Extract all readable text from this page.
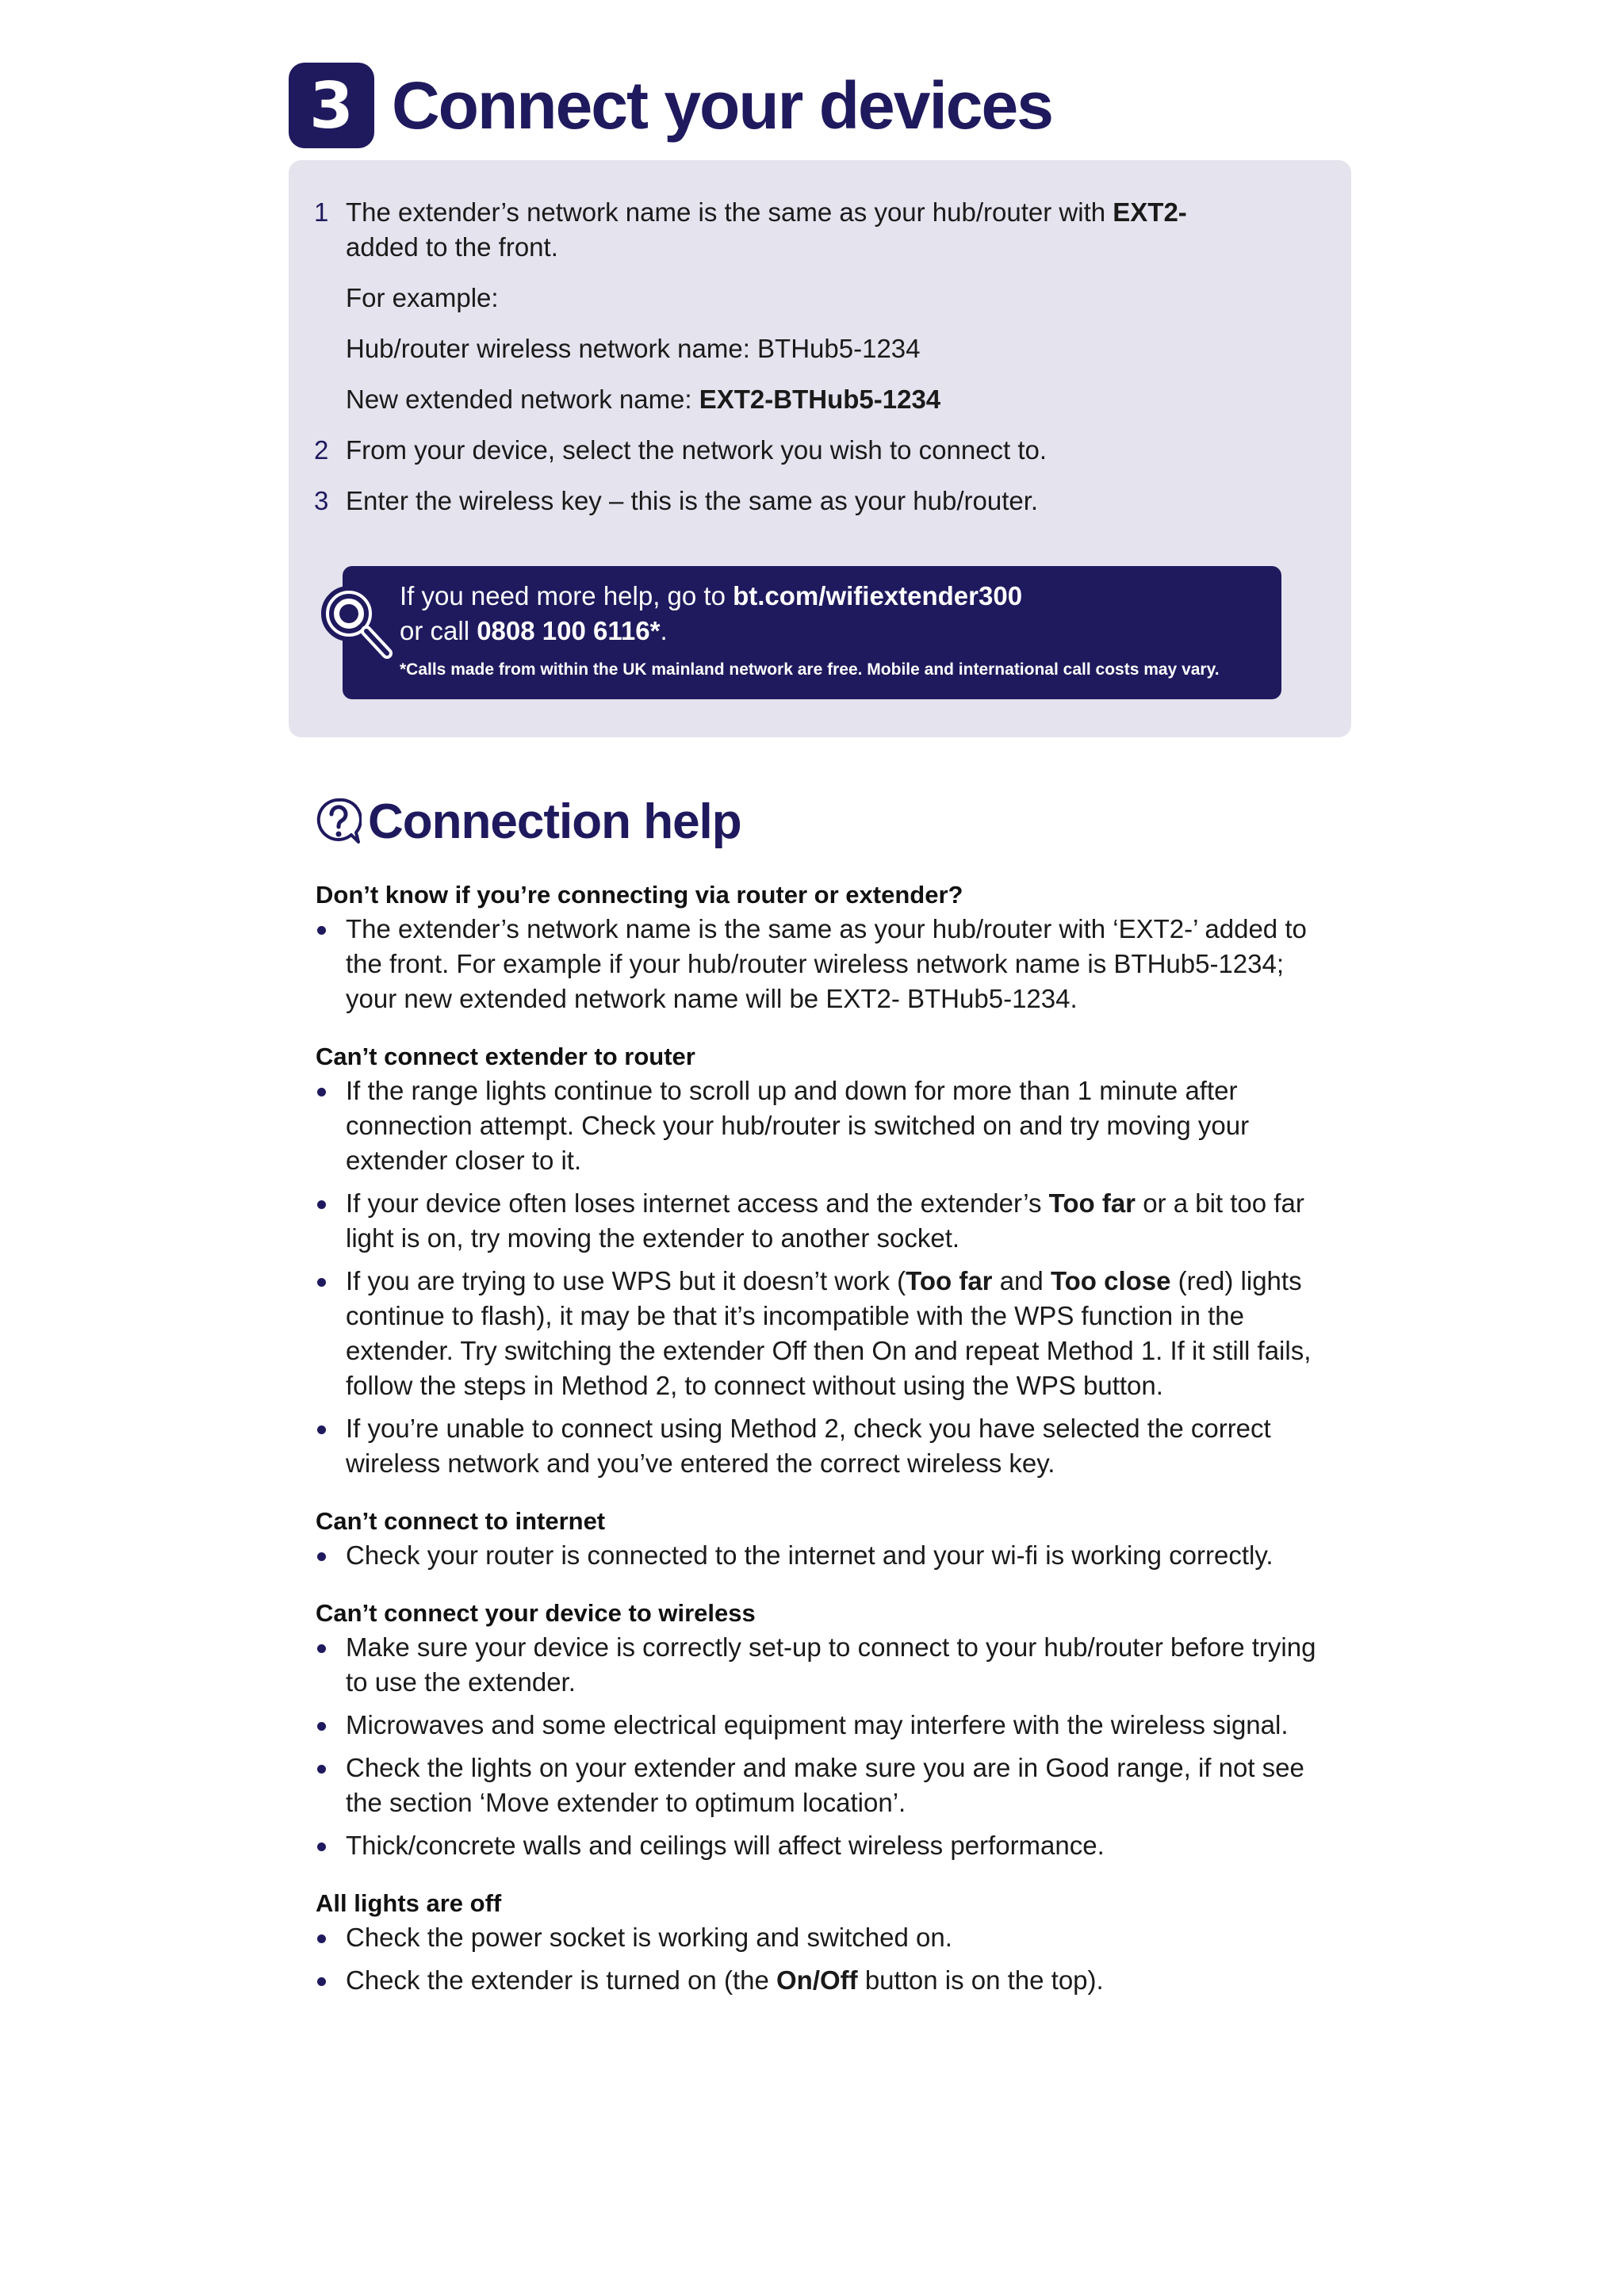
3 Connect your devices
1 The extender’s network name is the same as your hub/router with EXT2-
added to the front.
For example:
Hub/router wireless network name: BTHub5-1234
New extended network name: EXT2-BTHub5-1234
2 From your device, select the network you wish to connect to.
3 Enter the wireless key – this is the same as your hub/router.
If you need more help, go to bt.com/wifiextender300
or call 0808 100 6116*.
*Calls made from within the UK mainland network are free. Mobile and international call costs may vary.
Connection help
Don’t know if you’re connecting via router or extender?
The extender’s network name is the same as your hub/router with ‘EXT2-’ added to the front. For example if your hub/router wireless network name is BTHub5-1234; your new extended network name will be EXT2- BTHub5-1234.
Can’t connect extender to router
If the range lights continue to scroll up and down for more than 1 minute after connection attempt. Check your hub/router is switched on and try moving your extender closer to it.
If your device often loses internet access and the extender’s Too far or a bit too far light is on, try moving the extender to another socket.
If you are trying to use WPS but it doesn’t work (Too far and Too close (red) lights continue to flash), it may be that it’s incompatible with the WPS function in the extender. Try switching the extender Off then On and repeat Method 1. If it still fails, follow the steps in Method 2, to connect without using the WPS button.
If you’re unable to connect using Method 2, check you have selected the correct wireless network and you’ve entered the correct wireless key.
Can’t connect to internet
Check your router is connected to the internet and your wi-fi is working correctly.
Can’t connect your device to wireless
Make sure your device is correctly set-up to connect to your hub/router before trying to use the extender.
Microwaves and some electrical equipment may interfere with the wireless signal.
Check the lights on your extender and make sure you are in Good range, if not see the section ‘Move extender to optimum location’.
Thick/concrete walls and ceilings will affect wireless performance.
All lights are off
Check the power socket is working and switched on.
Check the extender is turned on (the On/Off button is on the top).
